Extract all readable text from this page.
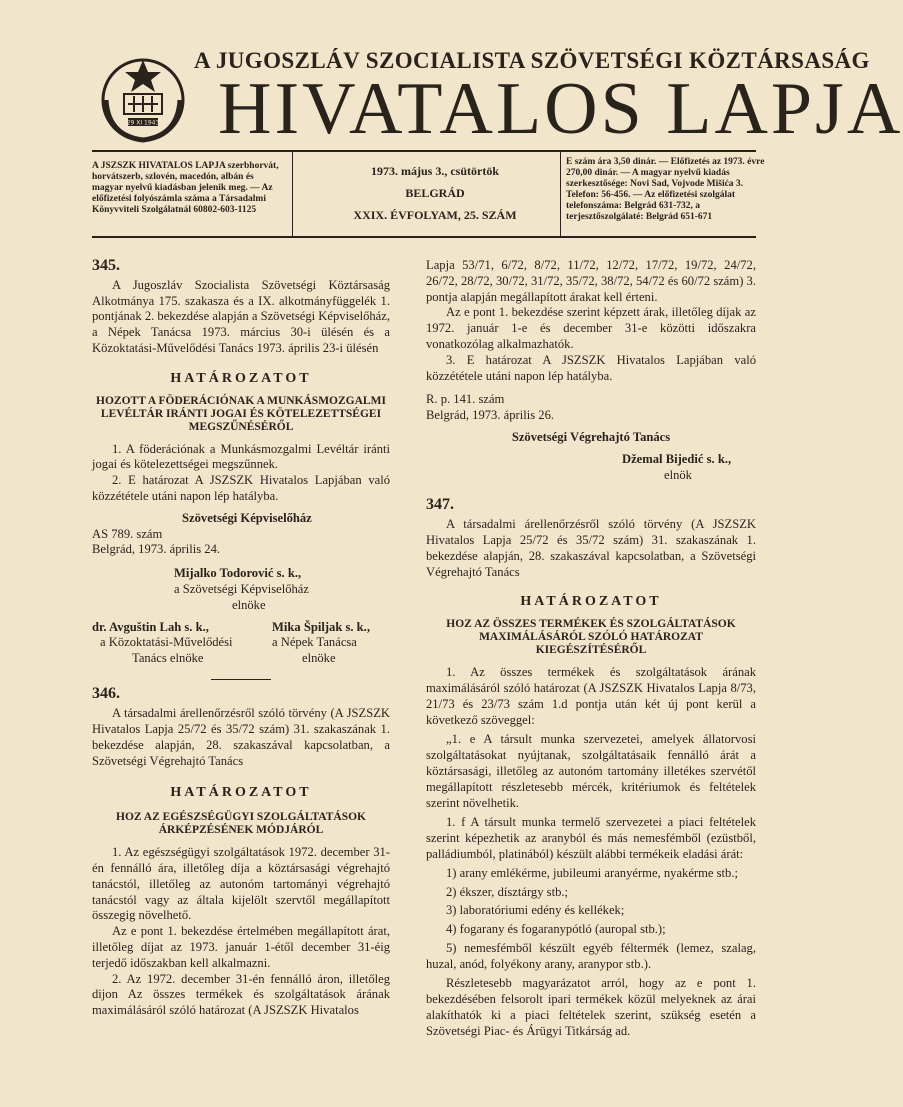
29 XI 1943
A JUGOSZLÁV SZOCIALISTA SZÖVETSÉGI KÖZTÁRSASÁG
HIVATALOS LAPJA
A JSZSZK HIVATALOS LAPJA szerbhorvát, horvátszerb, szlovén, macedón, albán és magyar nyelvű kiadásban jelenik meg. — Az előfizetési folyószámla száma a Társadalmi Könyvviteli Szolgálatnál 60802-603-1125
1973. május 3., csütörtök
BELGRÁD
XXIX. ÉVFOLYAM, 25. SZÁM
E szám ára 3,50 dinár. — Előfizetés az 1973. évre 270,00 dinár. — A magyar nyelvű kiadás szerkesztősége: Novi Sad, Vojvode Mišića 3. Telefon: 56-456. — Az előfizetési szolgálat telefonszáma: Belgrád 631-732, a terjesztőszolgálaté: Belgrád 651-671
345.

A Jugoszláv Szocialista Szövetségi Köztársaság Alkotmánya 175. szakasza és a IX. alkotmányfüggelék 1. pontjának 2. bekezdése alapján a Szövetségi Képviselőház, a Népek Tanácsa 1973. március 30-i ülésén és a Közoktatási-Művelődési Tanács 1973. április 23-i ülésén

HATÁROZATOT
HOZOTT A FÖDERÁCIÓNAK A MUNKÁSMOZGALMI LEVÉLTÁR IRÁNTI JOGAI ÉS KÖTELEZETTSÉGEI MEGSZŰNÉSÉRŐL

1. A föderációnak a Munkásmozgalmi Levéltár iránti jogai és kötelezettségei megszűnnek.

2. E határozat A JSZSZK Hivatalos Lapjában való közzététele utáni napon lép hatályba.

Szövetségi Képviselőház
AS 789. szám
Belgrád, 1973. április 24.
Mijalko Todorović s. k.,
a Szövetségi Képviselőház
elnöke
dr. Avguštin Lah s. k.,
a Közoktatási-Művelődési
Tanács elnöke
Mika Špiljak s. k.,
a Népek Tanácsa
elnöke
346.

A társadalmi árellenőrzésről szóló törvény (A JSZSZK Hivatalos Lapja 25/72 és 35/72 szám) 31. szakaszának 1. bekezdése alapján, 28. szakaszával kapcsolatban, a Szövetségi Végrehajtó Tanács

HATÁROZATOT
HOZ AZ EGÉSZSÉGÜGYI SZOLGÁLTATÁSOK ÁRKÉPZÉSÉNEK MÓDJÁRÓL

1. Az egészségügyi szolgáltatások 1972. december 31-én fennálló ára, illetőleg díja a köztársasági végrehajtó tanácstól, illetőleg az autonóm tartományi végrehajtó tanácstól vagy az általa kijelölt szervtől megállapított összegig növelhető.

Az e pont 1. bekezdése értelmében megállapított árat, illetőleg díjat az 1973. január 1-étől december 31-éig terjedő időszakban kell alkalmazni.

2. Az 1972. december 31-én fennálló áron, illetőleg dijon Az összes termékek és szolgáltatások árának maximálásáról szóló határozat (A JSZSZK Hivatalos

Lapja 53/71, 6/72, 8/72, 11/72, 12/72, 17/72, 19/72, 24/72, 26/72, 28/72, 30/72, 31/72, 35/72, 38/72, 54/72 és 60/72 szám) 3. pontja alapján megállapított árakat kell érteni.

Az e pont 1. bekezdése szerint képzett árak, illetőleg díjak az 1972. január 1-e és december 31-e közötti időszakra vonatkozólag alkalmazhatók.

3. E határozat A JSZSZK Hivatalos Lapjában való közzététele utáni napon lép hatályba.

R. p. 141. szám
Belgrád, 1973. április 26.
Szövetségi Végrehajtó Tanács
Džemal Bijedić s. k.,
elnök
347.

A társadalmi árellenőrzésről szóló törvény (A JSZSZK Hivatalos Lapja 25/72 és 35/72 szám) 31. szakaszának 1. bekezdése alapján, 28. szakaszával kapcsolatban, a Szövetségi Végrehajtó Tanács

HATÁROZATOT
HOZ AZ ÖSSZES TERMÉKEK ÉS SZOLGÁLTATÁSOK MAXIMÁLÁSÁRÓL SZÓLÓ HATÁROZAT KIEGÉSZÍTÉSÉRŐL

1. Az összes termékek és szolgáltatások árának maximálásáról szóló határozat (A JSZSZK Hivatalos Lapja 8/73, 21/73 és 23/73 szám 1.d pontja után két új pont kerül a következő szöveggel:

„1. e A társult munka szervezetei, amelyek állatorvosi szolgáltatásokat nyújtanak, szolgáltatásaik fennálló árát a köztársasági, illetőleg az autonóm tartomány illetékes szervétől megállapított részletesebb mércék, kritériumok és feltételek szerint növelhetik.

1. f A társult munka termelő szervezetei a piaci feltételek szerint képezhetik az aranyból és más nemesfémből (ezüstből, palládiumból, platinából) készült alábbi termékeik eladási árát:

1) arany emlékérme, jubileumi aranyérme, nyakérme stb.;

2) ékszer, dísztárgy stb.;

3) laboratóriumi edény és kellékek;

4) fogarany és fogaranypótló (auropal stb.);

5) nemesfémből készült egyéb féltermék (lemez, szalag, huzal, anód, folyékony arany, aranypor stb.).

Részletesebb magyarázatot arról, hogy az e pont 1. bekezdésében felsorolt ipari termékek közül melyeknek az árai alakíthatók ki a piaci feltételek szerint, szükség esetén a Szövetségi Piac- és Árügyi Titkárság ad.
